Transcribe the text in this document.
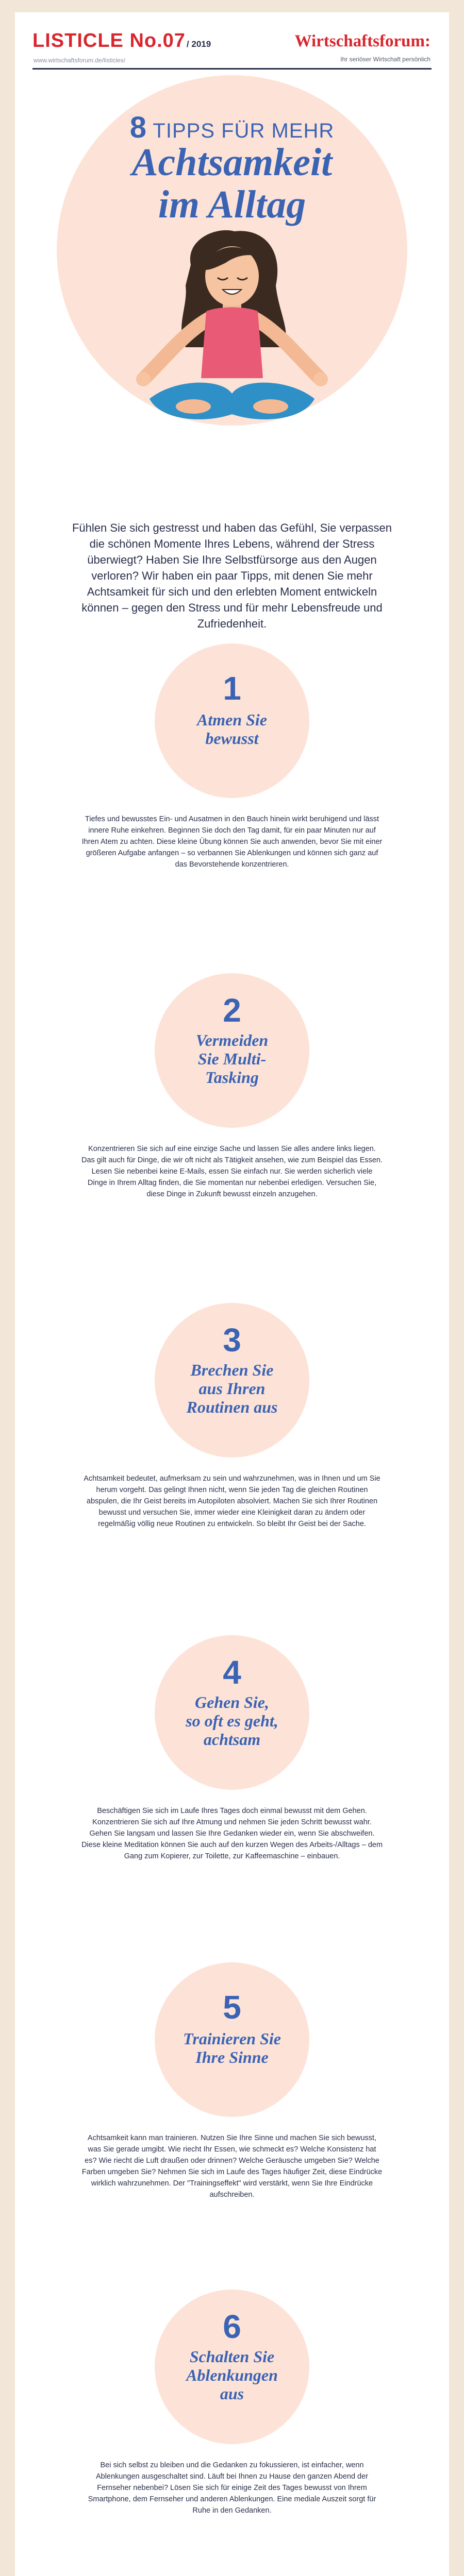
LISTICLE No.07 / 2019
www.wirtschaftsforum.de/listicles/
Wirtschaftsforum:
Ihr seriöser Wirtschaft persönlich
8 TIPPS FÜR MEHR
Achtsamkeit
im Alltag
Fühlen Sie sich gestresst und haben das Gefühl, Sie verpassen die schönen Momente Ihres Lebens, während der Stress überwiegt? Haben Sie Ihre Selbstfürsorge aus den Augen verloren? Wir haben ein paar Tipps, mit denen Sie mehr Achtsamkeit für sich und den erlebten Moment entwickeln können – gegen den Stress und für mehr Lebensfreude und Zufriedenheit.
1
Atmen Sie
bewusst
Tiefes und bewusstes Ein- und Ausatmen in den Bauch hinein wirkt beruhigend und lässt innere Ruhe einkehren. Beginnen Sie doch den Tag damit, für ein paar Minuten nur auf Ihren Atem zu achten. Diese kleine Übung können Sie auch anwenden, bevor Sie mit einer größeren Aufgabe anfangen – so verbannen Sie Ablenkungen und können sich ganz auf das Bevorstehende konzentrieren.
2
Vermeiden
Sie Multi-
Tasking
Konzentrieren Sie sich auf eine einzige Sache und lassen Sie alles andere links liegen. Das gilt auch für Dinge, die wir oft nicht als Tätigkeit ansehen, wie zum Beispiel das Essen. Lesen Sie nebenbei keine E-Mails, essen Sie einfach nur. Sie werden sicherlich viele Dinge in Ihrem Alltag finden, die Sie momentan nur nebenbei erledigen. Versuchen Sie, diese Dinge in Zukunft bewusst einzeln anzugehen.
3
Brechen Sie
aus Ihren
Routinen aus
Achtsamkeit bedeutet, aufmerksam zu sein und wahrzunehmen, was in Ihnen und um Sie herum vorgeht. Das gelingt Ihnen nicht, wenn Sie jeden Tag die gleichen Routinen abspulen, die Ihr Geist bereits im Autopiloten absolviert. Machen Sie sich Ihrer Routinen bewusst und versuchen Sie, immer wieder eine Kleinigkeit daran zu ändern oder regelmäßig völlig neue Routinen zu entwickeln. So bleibt Ihr Geist bei der Sache.
4
Gehen Sie,
so oft es geht,
achtsam
Beschäftigen Sie sich im Laufe Ihres Tages doch einmal bewusst mit dem Gehen. Konzentrieren Sie sich auf Ihre Atmung und nehmen Sie jeden Schritt bewusst wahr. Gehen Sie langsam und lassen Sie Ihre Gedanken wieder ein, wenn Sie abschweifen. Diese kleine Meditation können Sie auch auf den kurzen Wegen des Arbeits-/Alltags – dem Gang zum Kopierer, zur Toilette, zur Kaffeemaschine – einbauen.
5
Trainieren Sie
Ihre Sinne
Achtsamkeit kann man trainieren. Nutzen Sie Ihre Sinne und machen Sie sich bewusst, was Sie gerade umgibt. Wie riecht Ihr Essen, wie schmeckt es? Welche Konsistenz hat es? Wie riecht die Luft draußen oder drinnen? Welche Geräusche umgeben Sie? Welche Farben umgeben Sie? Nehmen Sie sich im Laufe des Tages häufiger Zeit, diese Eindrücke wirklich wahrzunehmen. Der "Trainingseffekt" wird verstärkt, wenn Sie Ihre Eindrücke aufschreiben.
6
Schalten Sie
Ablenkungen
aus
Bei sich selbst zu bleiben und die Gedanken zu fokussieren, ist einfacher, wenn Ablenkungen ausgeschaltet sind. Läuft bei Ihnen zu Hause den ganzen Abend der Fernseher nebenbei? Lösen Sie sich für einige Zeit des Tages bewusst von Ihrem Smartphone, dem Fernseher und anderen Ablenkungen. Eine mediale Auszeit sorgt für Ruhe in den Gedanken.
